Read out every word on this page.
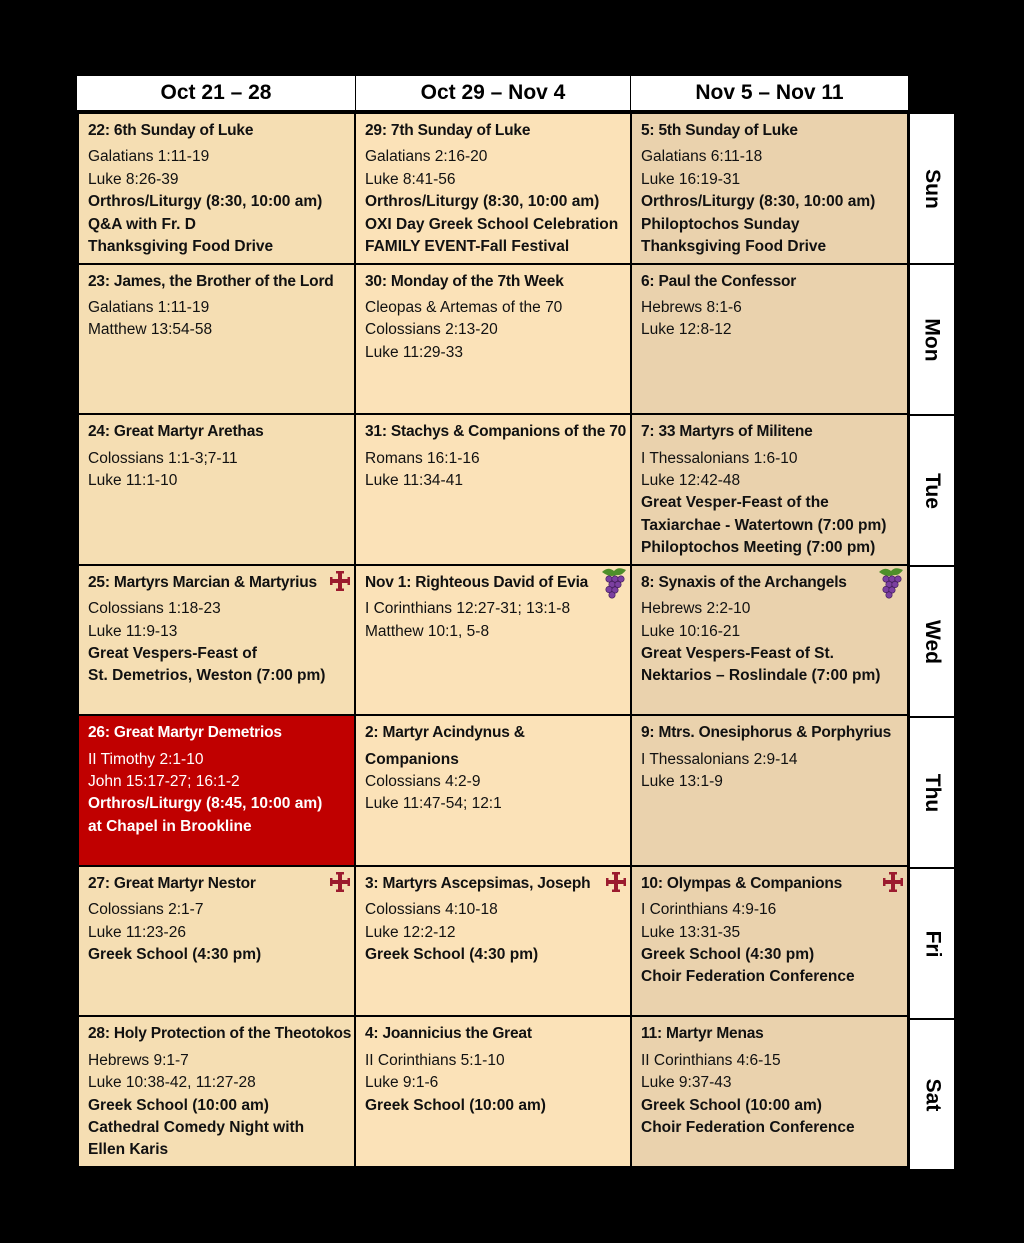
Oct 21 – 28	Oct 29 – Nov 4	Nov 5 – Nov 11
22: 6th Sunday of Luke
Galatians 1:11-19
Luke 8:26-39
Orthros/Liturgy (8:30, 10:00 am)
Q&A with Fr. D
Thanksgiving Food Drive
29: 7th Sunday of Luke
Galatians 2:16-20
Luke 8:41-56
Orthros/Liturgy (8:30, 10:00 am)
OXI Day Greek School Celebration
FAMILY EVENT-Fall Festival
5: 5th Sunday of Luke
Galatians 6:11-18
Luke 16:19-31
Orthros/Liturgy (8:30, 10:00 am)
Philoptochos Sunday
Thanksgiving Food Drive
23: James, the Brother of the Lord
Galatians 1:11-19
Matthew 13:54-58
30: Monday of the 7th Week
Cleopas & Artemas of the 70
Colossians 2:13-20
Luke 11:29-33
6: Paul the Confessor
Hebrews 8:1-6
Luke 12:8-12
24: Great Martyr Arethas
Colossians 1:1-3;7-11
Luke 11:1-10
31: Stachys & Companions of the 70
Romans 16:1-16
Luke 11:34-41
7: 33 Martyrs of Militene
I Thessalonians 1:6-10
Luke 12:42-48
Great Vesper-Feast of the
Taxiarchae - Watertown (7:00 pm)
Philoptochos Meeting (7:00 pm)
25: Martyrs Marcian & Martyrius
Colossians 1:18-23
Luke 11:9-13
Great Vespers-Feast of
St. Demetrios, Weston (7:00 pm)
Nov 1: Righteous David of Evia
I Corinthians 12:27-31; 13:1-8
Matthew 10:1, 5-8
8: Synaxis of the Archangels
Hebrews 2:2-10
Luke 10:16-21
Great Vespers-Feast of St.
Nektarios – Roslindale (7:00 pm)
26: Great Martyr Demetrios
II Timothy 2:1-10
John 15:17-27; 16:1-2
Orthros/Liturgy (8:45, 10:00 am)
at Chapel in Brookline
2: Martyr Acindynus &
Companions
Colossians 4:2-9
Luke 11:47-54; 12:1
9: Mtrs. Onesiphorus & Porphyrius
I Thessalonians 2:9-14
Luke 13:1-9
27: Great Martyr Nestor
Colossians 2:1-7
Luke 11:23-26
Greek School (4:30 pm)
3: Martyrs Ascepsimas, Joseph
Colossians 4:10-18
Luke 12:2-12
Greek School (4:30 pm)
10: Olympas & Companions
I Corinthians 4:9-16
Luke 13:31-35
Greek School (4:30 pm)
Choir Federation Conference
28: Holy Protection of the Theotokos
Hebrews 9:1-7
Luke 10:38-42, 11:27-28
Greek School (10:00 am)
Cathedral Comedy Night with
Ellen Karis
4: Joannicius the Great
II Corinthians 5:1-10
Luke 9:1-6
Greek School (10:00 am)
11: Martyr Menas
II Corinthians 4:6-15
Luke 9:37-43
Greek School (10:00 am)
Choir Federation Conference
Sun
Mon
Tue
Wed
Thu
Fri
Sat
